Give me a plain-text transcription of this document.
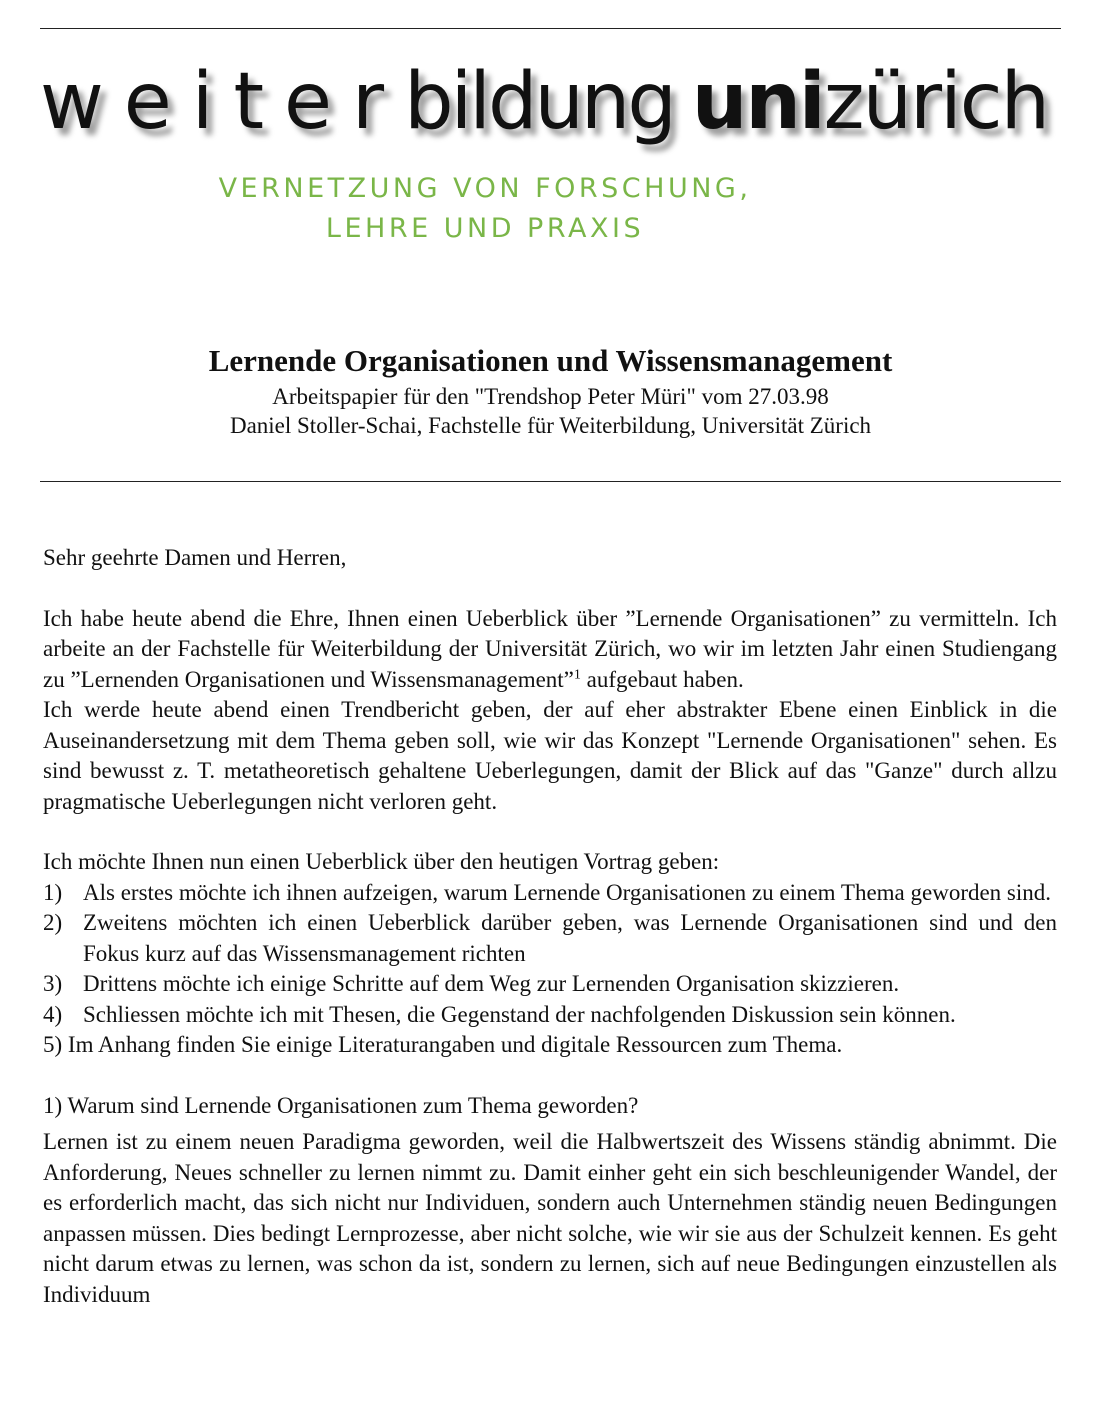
weiterbildung unizürich
VERNETZUNG VON FORSCHUNG,
LEHRE UND PRAXIS
Lernende Organisationen und Wissensmanagement

Arbeitspapier für den "Trendshop Peter Müri" vom 27.03.98

Daniel Stoller-Schai, Fachstelle für Weiterbildung, Universität Zürich

Sehr geehrte Damen und Herren,

Ich habe heute abend die Ehre, Ihnen einen Ueberblick über ”Lernende Organisationen” zu vermitteln. Ich arbeite an der Fachstelle für Weiterbildung der Universität Zürich, wo wir im letzten Jahr einen Studiengang zu ”Lernenden Organisationen und Wissensmanagement”$^1$ aufgebaut haben.

Ich werde heute abend einen Trendbericht geben, der auf eher abstrakter Ebene einen Einblick in die Auseinandersetzung mit dem Thema geben soll, wie wir das Konzept "Lernende Organisationen" sehen. Es sind bewusst z. T. metatheoretisch gehaltene Ueberlegungen, damit der Blick auf das "Ganze" durch allzu pragmatische Ueberlegungen nicht verloren geht.

Ich möchte Ihnen nun einen Ueberblick über den heutigen Vortrag geben:

1) Als erstes möchte ich ihnen aufzeigen, warum Lernende Organisationen zu einem Thema geworden sind.
2) Zweitens möchten ich einen Ueberblick darüber geben, was Lernende Organisationen sind und den Fokus kurz auf das Wissensmanagement richten
3) Drittens möchte ich einige Schritte auf dem Weg zur Lernenden Organisation skizzieren.
4) Schliessen möchte ich mit Thesen, die Gegenstand der nachfolgenden Diskussion sein können.

5) Im Anhang finden Sie einige Literaturangaben und digitale Ressourcen zum Thema.

1) Warum sind Lernende Organisationen zum Thema geworden?

Lernen ist zu einem neuen Paradigma geworden, weil die Halbwertszeit des Wissens ständig abnimmt. Die Anforderung, Neues schneller zu lernen nimmt zu. Damit einher geht ein sich beschleunigender Wandel, der es erforderlich macht, das sich nicht nur Individuen, sondern auch Unternehmen ständig neuen Bedingungen anpassen müssen. Dies bedingt Lernprozesse, aber nicht solche, wie wir sie aus der Schulzeit kennen. Es geht nicht darum etwas zu lernen, was schon da ist, sondern zu lernen, sich auf neue Bedingungen einzustellen als Individuum
